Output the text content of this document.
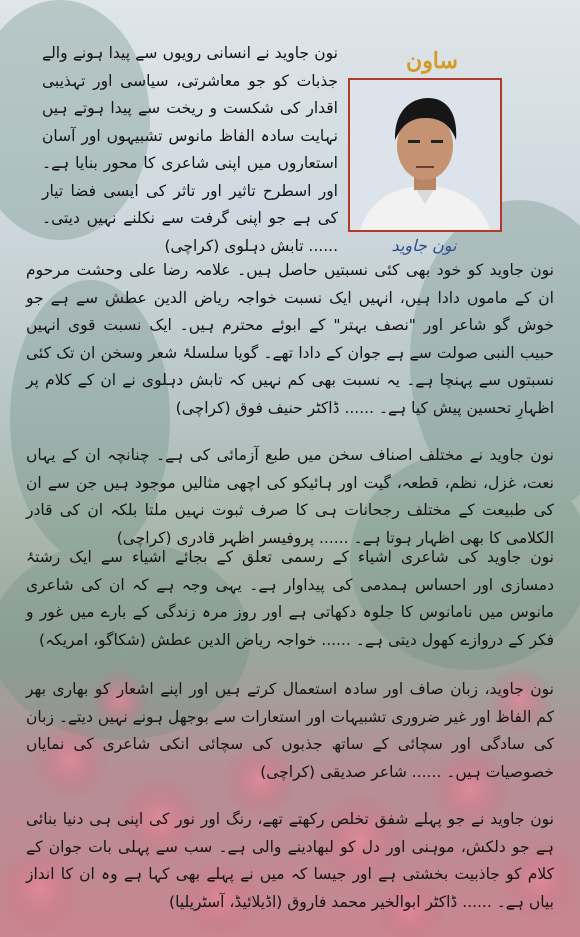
ساون
نون جاوید
نون جاوید نے انسانی رویوں سے پیدا ہونے والے جذبات کو جو معاشرتی، سیاسی اور تہذیبی اقدار کی شکست و ریخت سے پیدا ہوتے ہیں نہایت سادہ الفاظ مانوس تشبیہوں اور آسان استعاروں میں اپنی شاعری کا محور بنایا ہے۔ اور اسطرح تاثیر اور تاثر کی ایسی فضا تیار کی ہے جو اپنی گرفت سے نکلنے نہیں دیتی۔ ...... تابش دہلوی (کراچی)
نون جاوید کو خود بھی کئی نسبتیں حاصل ہیں۔ علامہ رضا علی وحشت مرحوم ان کے ماموں دادا ہیں، انہیں ایک نسبت خواجہ ریاض الدین عطش سے ہے جو خوش گو شاعر اور "نصف بہتر" کے ابوئے محترم ہیں۔ ایک نسبت قوی انہیں حبیب النبی صولت سے ہے جوان کے دادا تھے۔ گویا سلسلۂ شعر وسخن ان تک کئی نسبتوں سے پہنچا ہے۔ یہ نسبت بھی کم نہیں کہ تابش دہلوی نے ان کے کلام پر اظہارِ تحسین پیش کیا ہے۔ ...... ڈاکٹر حنیف فوق (کراچی)
نون جاوید نے مختلف اصناف سخن میں طبع آزمائی کی ہے۔ چنانچہ ان کے یہاں نعت، غزل، نظم، قطعہ، گیت اور ہائیکو کی اچھی مثالیں موجود ہیں جن سے ان کی طبیعت کے مختلف رجحانات ہی کا صرف ثبوت نہیں ملتا بلکہ ان کی قادر الکلامی کا بھی اظہار ہوتا ہے۔ ...... پروفیسر اظہر قادری (کراچی)
نون جاوید کی شاعری اشیاء کے رسمی تعلق کے بجائے اشیاء سے ایک رشتۂ دمسازی اور احساس ہمدمی کی پیداوار ہے۔ یہی وجہ ہے کہ ان کی شاعری مانوس میں نامانوس کا جلوہ دکھاتی ہے اور روز مرہ زندگی کے بارے میں غور و فکر کے دروازے کھول دیتی ہے۔ ...... خواجہ ریاض الدین عطش (شکاگو، امریکہ)
نون جاوید، زبان صاف اور سادہ استعمال کرتے ہیں اور اپنے اشعار کو بھاری بھر کم الفاظ اور غیر ضروری تشبیہات اور استعارات سے بوجھل ہونے نہیں دیتے۔ زبان کی سادگی اور سچائی کے ساتھ جذبوں کی سچائی انکی شاعری کی نمایاں خصوصیات ہیں۔ ...... شاعر صدیقی (کراچی)
نون جاوید نے جو پہلے شفق تخلص رکھتے تھے، رنگ اور نور کی اپنی ہی دنیا بنائی ہے جو دلکش، موہنی اور دل کو لبھادینے والی ہے۔ سب سے پہلی بات جوان کے کلام کو جاذبیت بخشتی ہے اور جیسا کہ میں نے پہلے بھی کہا ہے وہ ان کا انداز بیاں ہے۔ ...... ڈاکٹر ابوالخیر محمد فاروق (اڈیلائیڈ، آسٹریلیا)
